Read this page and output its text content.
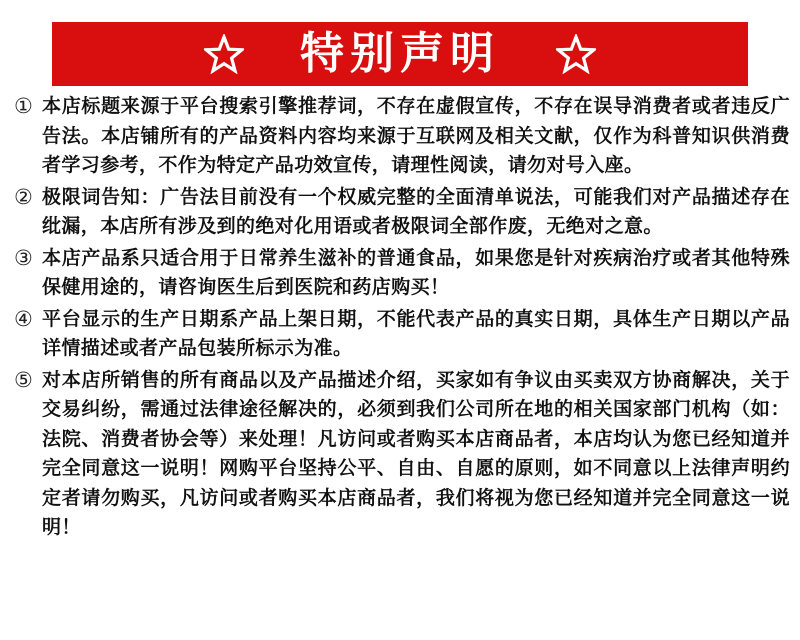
特别声明
① 本店标题来源于平台搜索引擎推荐词，不存在虚假宣传，不存在误导消费者或者违反广告法。本店铺所有的产品资料内容均来源于互联网及相关文献，仅作为科普知识供消费者学习参考，不作为特定产品功效宣传，请理性阅读，请勿对号入座。
② 极限词告知：广告法目前没有一个权威完整的全面清单说法，可能我们对产品描述存在纰漏，本店所有涉及到的绝对化用语或者极限词全部作废，无绝对之意。
③ 本店产品系只适合用于日常养生滋补的普通食品，如果您是针对疾病治疗或者其他特殊保健用途的，请咨询医生后到医院和药店购买！
④ 平台显示的生产日期系产品上架日期，不能代表产品的真实日期，具体生产日期以产品详情描述或者产品包装所标示为准。
⑤ 对本店所销售的所有商品以及产品描述介绍，买家如有争议由买卖双方协商解决，关于交易纠纷，需通过法律途径解决的，必须到我们公司所在地的相关国家部门机构（如：法院、消费者协会等）来处理！凡访问或者购买本店商品者，本店均认为您已经知道并完全同意这一说明！网购平台坚持公平、自由、自愿的原则，如不同意以上法律声明约定者请勿购买，凡访问或者购买本店商品者，我们将视为您已经知道并完全同意这一说明！
